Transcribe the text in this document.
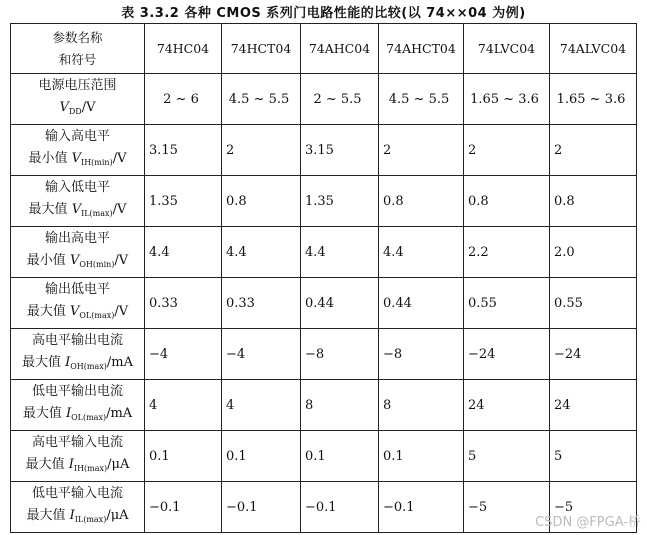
表 3.3.2 各种 CMOS 系列门电路性能的比较(以 74××04 为例)
参数名称
和符号	74HC04	74HCT04	74AHC04	74AHCT04	74LVC04	74ALVC04

电源电压范围
$V_{DD}/V$	2 ~ 6	4.5 ~ 5.5	2 ~ 5.5	4.5 ~ 5.5	1.65 ~ 3.6	1.65 ~ 3.6

输入高电平
最小值 $V_{IH(min)}/V$	3.15	2	3.15	2	2	2

输入低电平
最大值 $V_{IL(max)}/V$	1.35	0.8	1.35	0.8	0.8	0.8

输出高电平
最小值 $V_{OH(min)}/V$	4.4	4.4	4.4	4.4	2.2	2.0

输出低电平
最大值 $V_{OL(max)}/V$	0.33	0.33	0.44	0.44	0.55	0.55

高电平输出电流
最大值 $I_{OH(max)}/mA$	−4	−4	−8	−8	−24	−24

低电平输出电流
最大值 $I_{OL(max)}/mA$	4	4	8	8	24	24

高电平输入电流
最大值 $I_{IH(max)}/\mu A$	0.1	0.1	0.1	0.1	5	5

低电平输入电流
最大值 $I_{IL(max)}/\mu A$	−0.1	−0.1	−0.1	−0.1	−5	−5
CSDN @FPGA-桥
